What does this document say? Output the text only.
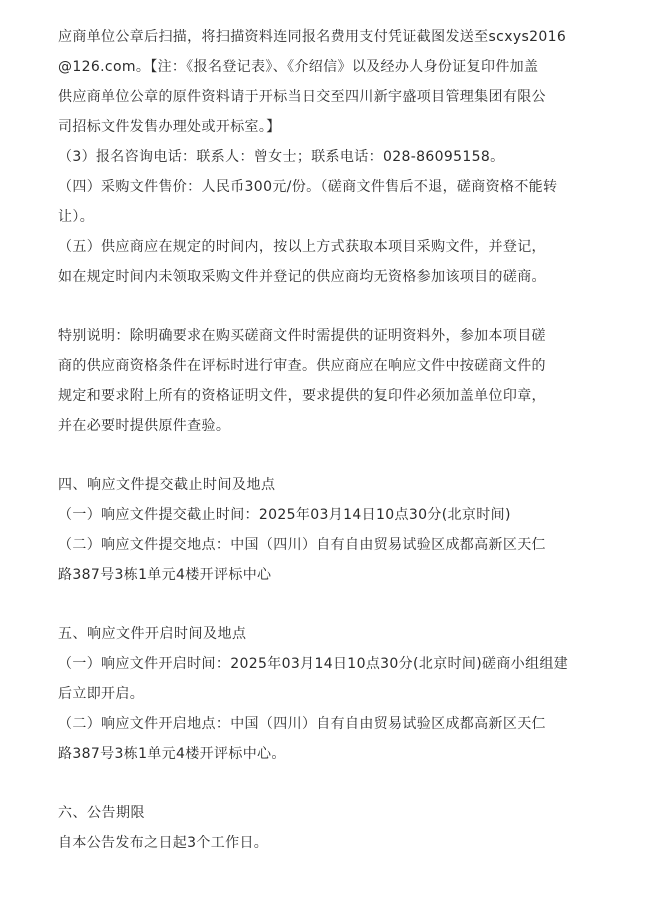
应商单位公章后扫描，将扫描资料连同报名费用支付凭证截图发送至scxys2016
@126.com。【注：《报名登记表》、《介绍信》以及经办人身份证复印件加盖
供应商单位公章的原件资料请于开标当日交至四川新宇盛项目管理集团有限公
司招标文件发售办理处或开标室。】
（3）报名咨询电话：联系人：曾女士；联系电话：028-86095158。
（四）采购文件售价：人民币300元/份。（磋商文件售后不退，磋商资格不能转
让）。
（五）供应商应在规定的时间内，按以上方式获取本项目采购文件，并登记，
如在规定时间内未领取采购文件并登记的供应商均无资格参加该项目的磋商。
特别说明：除明确要求在购买磋商文件时需提供的证明资料外，参加本项目磋
商的供应商资格条件在评标时进行审查。供应商应在响应文件中按磋商文件的
规定和要求附上所有的资格证明文件，要求提供的复印件必须加盖单位印章，
并在必要时提供原件查验。
四、响应文件提交截止时间及地点
（一）响应文件提交截止时间：2025年03月14日10点30分(北京时间)
（二）响应文件提交地点：中国（四川）自有自由贸易试验区成都高新区天仁
路387号3栋1单元4楼开评标中心
五、响应文件开启时间及地点
（一）响应文件开启时间：2025年03月14日10点30分(北京时间)磋商小组组建
后立即开启。
（二）响应文件开启地点：中国（四川）自有自由贸易试验区成都高新区天仁
路387号3栋1单元4楼开评标中心。
六、公告期限
自本公告发布之日起3个工作日。
